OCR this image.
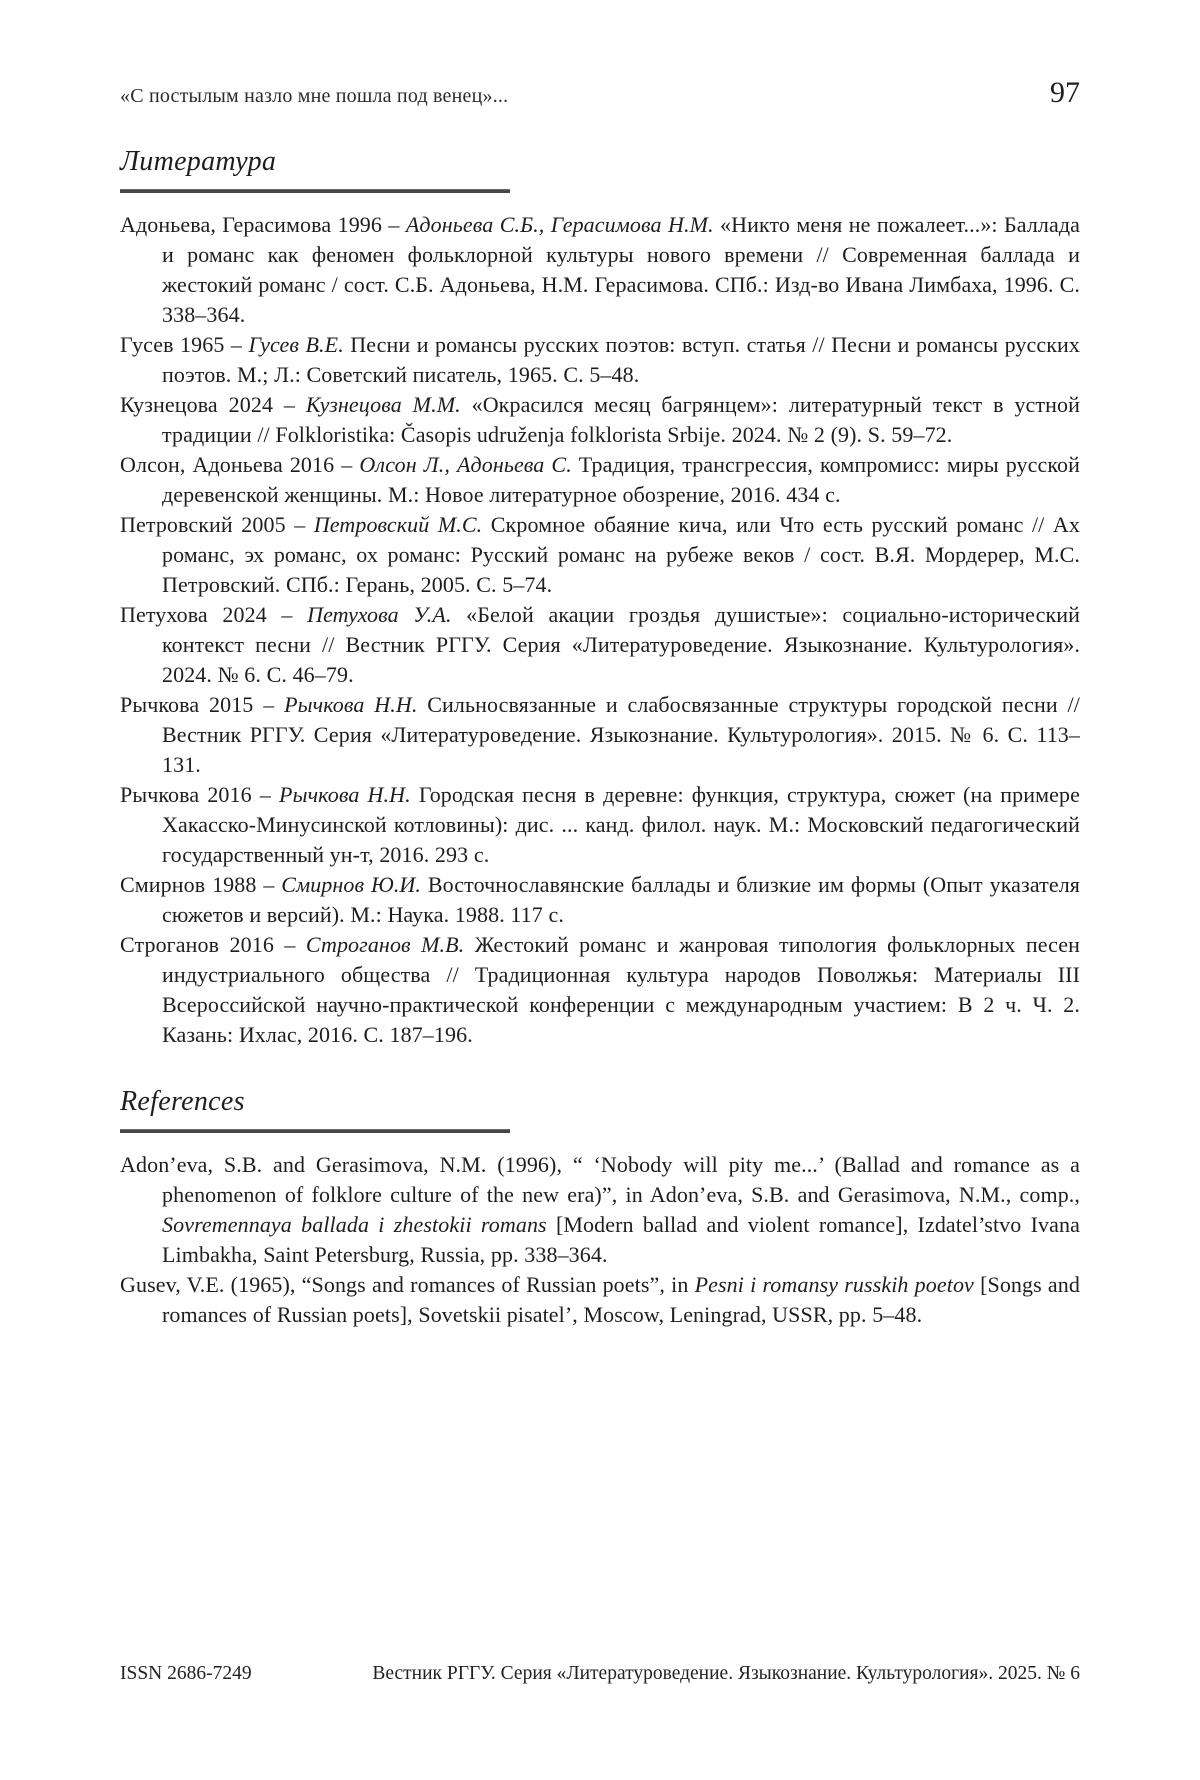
«С постылым назло мне пошла под венец»...	97
Литература

Адоньева, Герасимова 1996 – Адоньева С.Б., Герасимова Н.М. «Никто меня не пожалеет...»: Баллада и романс как феномен фольклорной культуры нового времени // Современная баллада и жестокий романс / сост. С.Б. Адоньева, Н.М. Герасимова. СПб.: Изд-во Ивана Лимбаха, 1996. С. 338–364.

Гусев 1965 – Гусев В.Е. Песни и романсы русских поэтов: вступ. статья // Песни и романсы русских поэтов. М.; Л.: Советский писатель, 1965. С. 5–48.

Кузнецова 2024 – Кузнецова М.М. «Окрасился месяц багрянцем»: литературный текст в устной традиции // Folkloristika: Časopis udruženja folklorista Srbije. 2024. № 2 (9). S. 59–72.

Олсон, Адоньева 2016 – Олсон Л., Адоньева С. Традиция, трансгрессия, компромисс: миры русской деревенской женщины. М.: Новое литературное обозрение, 2016. 434 с.

Петровский 2005 – Петровский М.С. Скромное обаяние кича, или Что есть русский романс // Ах романс, эх романс, ох романс: Русский романс на рубеже веков / сост. В.Я. Мордерер, М.С. Петровский. СПб.: Герань, 2005. С. 5–74.

Петухова 2024 – Петухова У.А. «Белой акации гроздья душистые»: социально-исторический контекст песни // Вестник РГГУ. Серия «Литературоведение. Языкознание. Культурология». 2024. № 6. С. 46–79.

Рычкова 2015 – Рычкова Н.Н. Сильносвязанные и слабосвязанные структуры городской песни // Вестник РГГУ. Серия «Литературоведение. Языкознание. Культурология». 2015. № 6. С. 113–131.

Рычкова 2016 – Рычкова Н.Н. Городская песня в деревне: функция, структура, сюжет (на примере Хакасско-Минусинской котловины): дис. ... канд. филол. наук. М.: Московский педагогический государственный ун-т, 2016. 293 с.

Смирнов 1988 – Смирнов Ю.И. Восточнославянские баллады и близкие им формы (Опыт указателя сюжетов и версий). М.: Наука. 1988. 117 с.

Строганов 2016 – Строганов М.В. Жестокий романс и жанровая типология фольклорных песен индустриального общества // Традиционная культура народов Поволжья: Материалы III Всероссийской научно-практической конференции с международным участием: В 2 ч. Ч. 2. Казань: Ихлас, 2016. С. 187–196.

References

Adon’eva, S.B. and Gerasimova, N.M. (1996), “ ‘Nobody will pity me...’ (Ballad and romance as a phenomenon of folklore culture of the new era)”, in Adon’eva, S.B. and Gerasimova, N.M., comp., Sovremennaya ballada i zhestokii romans [Modern ballad and violent romance], Izdatel’stvo Ivana Limbakha, Saint Petersburg, Russia, pp. 338–364.

Gusev, V.E. (1965), “Songs and romances of Russian poets”, in Pesni i romansy russkih poetov [Songs and romances of Russian poets], Sovetskii pisatel’, Moscow, Leningrad, USSR, pp. 5–48.

ISSN 2686-7249	Вестник РГГУ. Серия «Литературоведение. Языкознание. Культурология». 2025. № 6
